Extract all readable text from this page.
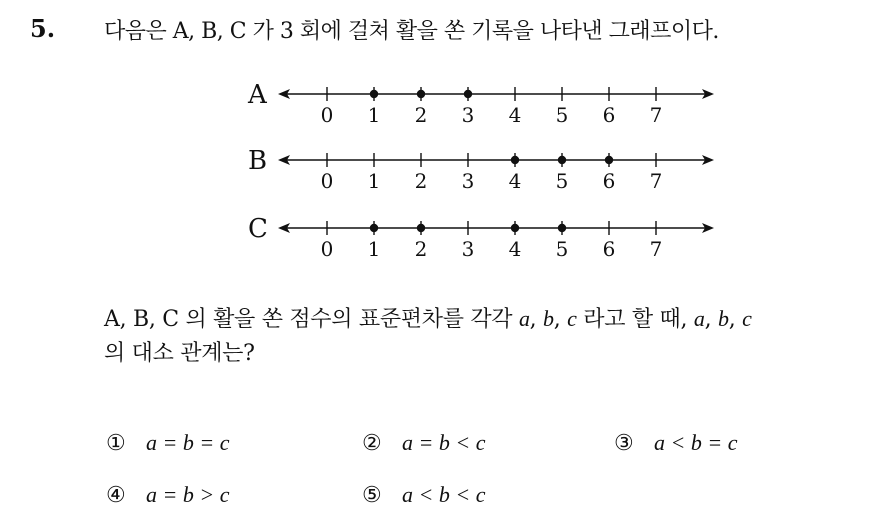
5. 다음은 A, B, C 가 3 회에 걸쳐 활을 쏜 기록을 나타낸 그래프이다.
A
0 1 2 3 4 5 6 7
B
0 1 2 3 4 5 6 7
C
0 1 2 3 4 5 6 7
A, B, C 의 활을 쏜 점수의 표준편차를 각각 a, b, c 라고 할 때, a, b, c
의 대소 관계는?
① a = b = c	② a = b < c	③ a < b = c
④ a = b > c	⑤ a < b < c
